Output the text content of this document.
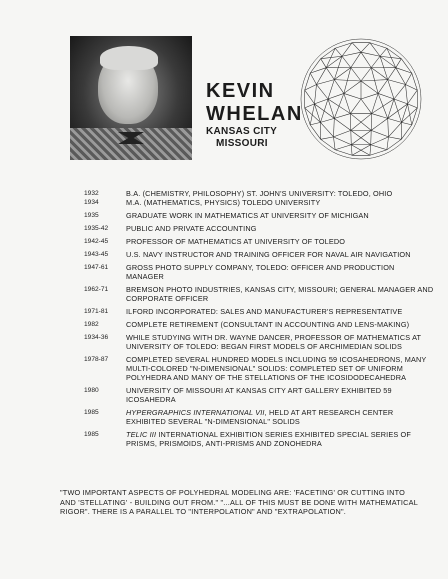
KEVIN
WHELAN
KANSAS CITY
MISSOURI
1932	B.A. (CHEMISTRY, PHILOSOPHY) ST. JOHN'S UNIVERSITY: TOLEDO, OHIO
1934	M.A. (MATHEMATICS, PHYSICS) TOLEDO UNIVERSITY
1935	GRADUATE WORK IN MATHEMATICS AT UNIVERSITY OF MICHIGAN
1935-42	PUBLIC AND PRIVATE ACCOUNTING
1942-45	PROFESSOR OF MATHEMATICS AT UNIVERSITY OF TOLEDO
1943-45	U.S. NAVY INSTRUCTOR AND TRAINING OFFICER FOR NAVAL AIR NAVIGATION
1947-61	GROSS PHOTO SUPPLY COMPANY, TOLEDO: OFFICER AND PRODUCTION MANAGER
1962-71	BREMSON PHOTO INDUSTRIES, KANSAS CITY, MISSOURI; GENERAL MANAGER AND CORPORATE OFFICER
1971-81	ILFORD INCORPORATED: SALES AND MANUFACTURER'S REPRESENTATIVE
1982	COMPLETE RETIREMENT (CONSULTANT IN ACCOUNTING AND LENS-MAKING)
1934-36	WHILE STUDYING WITH DR. WAYNE DANCER, PROFESSOR OF MATHEMATICS AT UNIVERSITY OF TOLEDO: BEGAN FIRST MODELS OF ARCHIMEDIAN SOLIDS
1978-87	COMPLETED SEVERAL HUNDRED MODELS INCLUDING 59 ICOSAHEDRONS, MANY MULTI-COLORED "N-DIMENSIONAL" SOLIDS: COMPLETED SET OF UNIFORM POLYHEDRA AND MANY OF THE STELLATIONS OF THE ICOSIDODECAHEDRA
1980	UNIVERSITY OF MISSOURI AT KANSAS CITY ART GALLERY EXHIBITED 59 ICOSAHEDRA
1985	HYPERGRAPHICS INTERNATIONAL VII, HELD AT ART RESEARCH CENTER EXHIBITED SEVERAL "N-DIMENSIONAL" SOLIDS
1985	TELIC III INTERNATIONAL EXHIBITION SERIES EXHIBITED SPECIAL SERIES OF PRISMS, PRISMOIDS, ANTI-PRISMS AND ZONOHEDRA
"TWO IMPORTANT ASPECTS OF POLYHEDRAL MODELING ARE: 'FACETING' OR CUTTING INTO AND 'STELLATING' - BUILDING OUT FROM." "...ALL OF THIS MUST BE DONE WITH MATHEMATICAL RIGOR". THERE IS A PARALLEL TO "INTERPOLATION" AND "EXTRAPOLATION".
